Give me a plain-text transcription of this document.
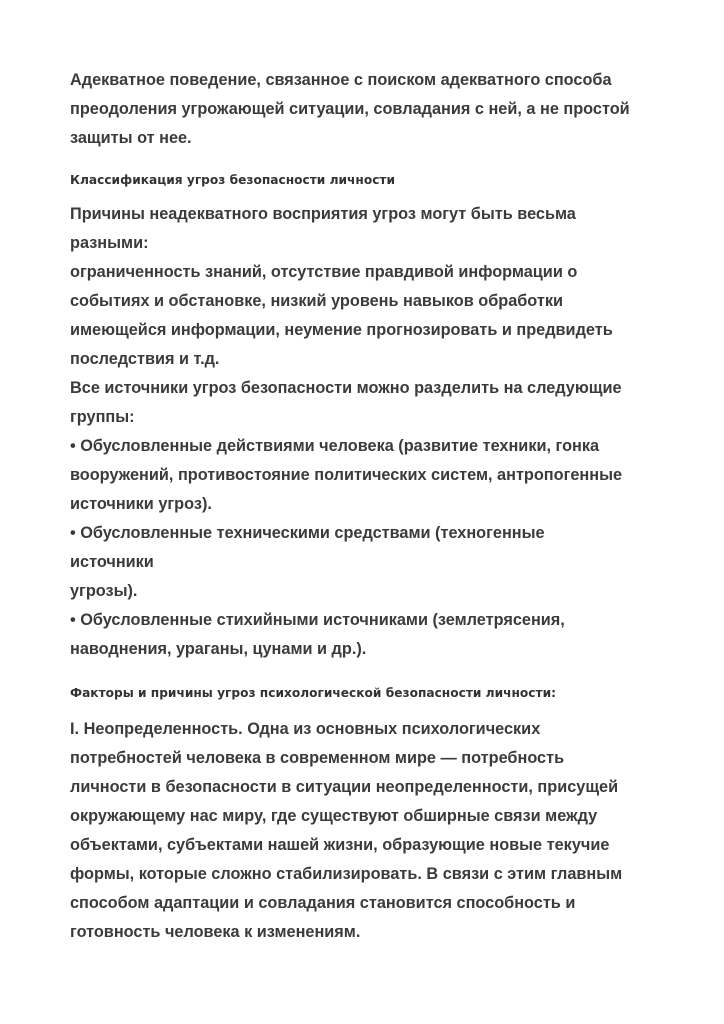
Адекватное поведение, связанное с поиском адекватного способа
преодоления угрожающей ситуации, совладания с ней, а не простой
защиты от нее.

Классификация угроз безопасности личности

Причины неадекватного восприятия угроз могут быть весьма
разными:
ограниченность знаний, отсутствие правдивой информации о
событиях и обстановке, низкий уровень навыков обработки
имеющейся информации, неумение прогнозировать и предвидеть
последствия и т.д.
Все источники угроз безопасности можно разделить на следующие
группы:
• Обусловленные действиями человека (развитие техники, гонка
вооружений, противостояние политических систем, антропогенные
источники угроз).
• Обусловленные техническими средствами (техногенные
источники
угрозы).
• Обусловленные стихийными источниками (землетрясения,
наводнения, ураганы, цунами и др.).

Факторы и причины угроз психологической безопасности личности:

I. Неопределенность. Одна из основных психологических
потребностей человека в современном мире — потребность
личности в безопасности в ситуации неопределенности, присущей
окружающему нас миру, где существуют обширные связи между
объектами, субъектами нашей жизни, образующие новые текучие
формы, которые сложно стабилизировать. В связи с этим главным
способом адаптации и совладания становится способность и
готовность человека к изменениям.
